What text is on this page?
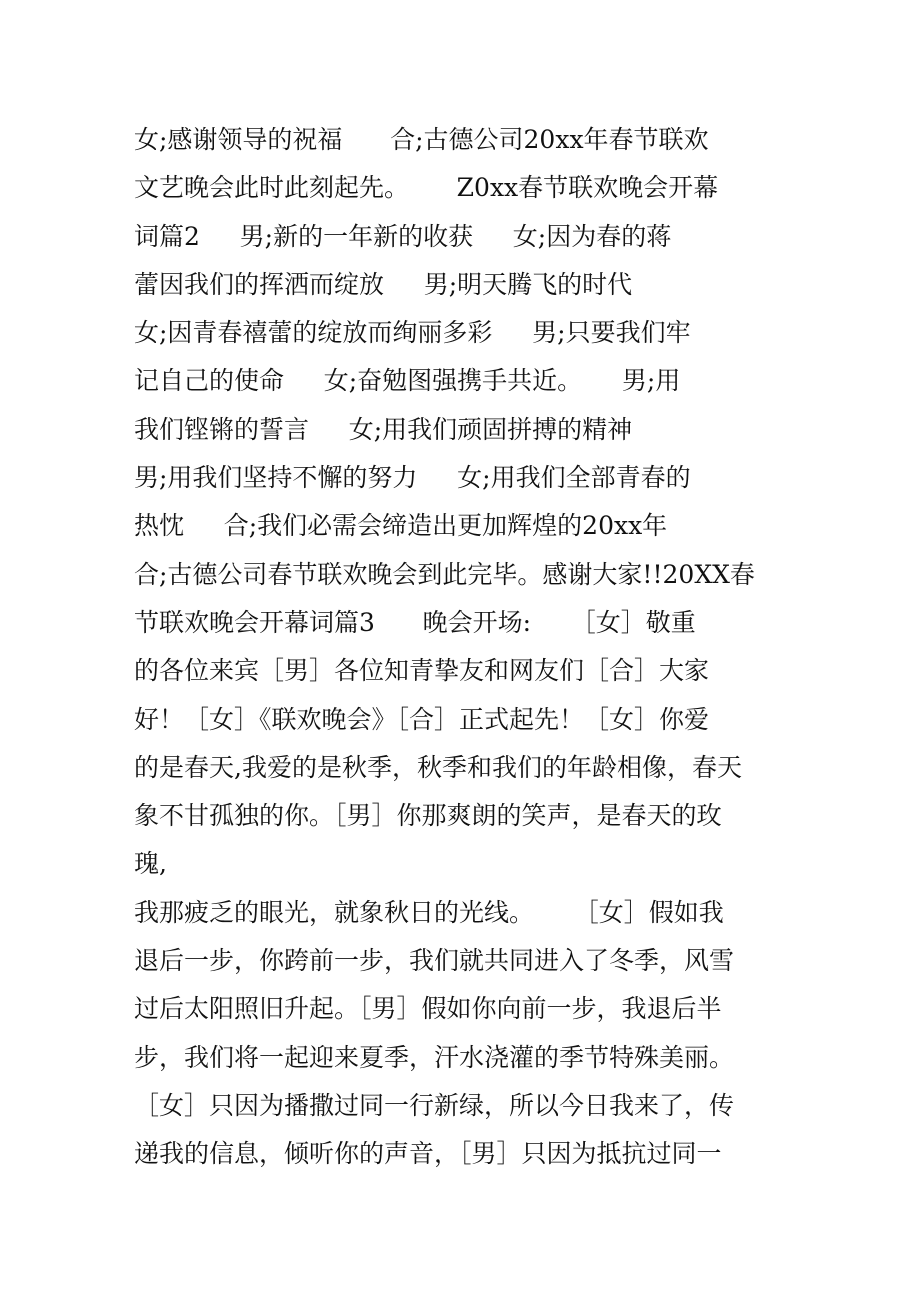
女;感谢领导的祝福      合;古德公司20xx年春节联欢
文艺晚会此时此刻起先。      Z0xx春节联欢晚会开幕
词篇2     男;新的一年新的收获     女;因为春的蒋
蕾因我们的挥洒而绽放     男;明天腾飞的时代
女;因青春禧蕾的绽放而绚丽多彩     男;只要我们牢
记自己的使命     女;奋勉图强携手共近。     男;用
我们铿锵的誓言     女;用我们顽固拼搏的精神
男;用我们坚持不懈的努力     女;用我们全部青春的
热忱     合;我们必需会缔造出更加辉煌的20xx年
合;古德公司春节联欢晚会到此完毕。感谢大家!!20XX春
节联欢晚会开幕词篇3      晚会开场:     ［女］敬重
的各位来宾［男］各位知青挚友和网友们［合］大家
好！［女］《联欢晚会》［合］正式起先！［女］你爱
的是春天,我爱的是秋季，秋季和我们的年龄相像，春天
象不甘孤独的你。［男］你那爽朗的笑声，是春天的玫
瑰,
我那疲乏的眼光，就象秋日的光线。     ［女］假如我
退后一步，你跨前一步，我们就共同进入了冬季，风雪
过后太阳照旧升起。［男］假如你向前一步，我退后半
步，我们将一起迎来夏季，汗水浇灌的季节特殊美丽。
［女］只因为播撒过同一行新绿，所以今日我来了，传
递我的信息，倾听你的声音，［男］只因为抵抗过同一
